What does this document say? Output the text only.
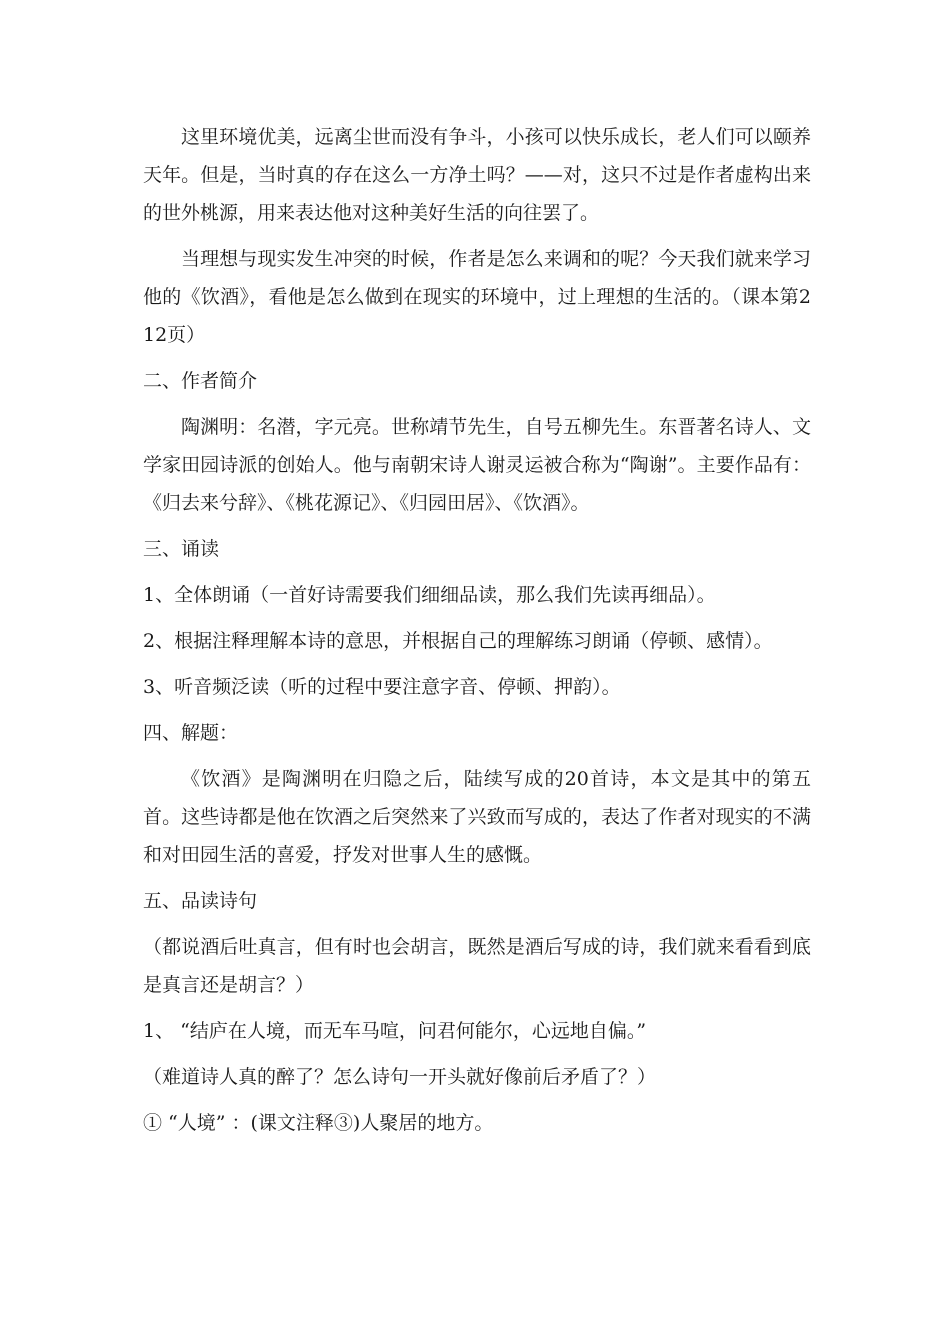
这里环境优美，远离尘世而没有争斗，小孩可以快乐成长，老人们可以颐养天年。但是，当时真的存在这么一方净土吗？——对，这只不过是作者虚构出来的世外桃源，用来表达他对这种美好生活的向往罢了。

当理想与现实发生冲突的时候，作者是怎么来调和的呢？今天我们就来学习他的《饮酒》，看他是怎么做到在现实的环境中，过上理想的生活的。（课本第212页）

二、作者简介

陶渊明：名潜，字元亮。世称靖节先生，自号五柳先生。东晋著名诗人、文学家田园诗派的创始人。他与南朝宋诗人谢灵运被合称为“陶谢”。主要作品有：《归去来兮辞》、《桃花源记》、《归园田居》、《饮酒》。

三、诵读

1、全体朗诵（一首好诗需要我们细细品读，那么我们先读再细品）。

2、根据注释理解本诗的意思，并根据自己的理解练习朗诵（停顿、感情）。

3、听音频泛读（听的过程中要注意字音、停顿、押韵）。

四、解题：

《饮酒》是陶渊明在归隐之后，陆续写成的20首诗，本文是其中的第五首。这些诗都是他在饮酒之后突然来了兴致而写成的，表达了作者对现实的不满和对田园生活的喜爱，抒发对世事人生的感慨。

五、品读诗句

（都说酒后吐真言，但有时也会胡言，既然是酒后写成的诗，我们就来看看到底是真言还是胡言？）

1、 “结庐在人境，而无车马喧，问君何能尔，心远地自偏。”

（难道诗人真的醉了？怎么诗句一开头就好像前后矛盾了？）

① “人境” ：(课文注释③)人聚居的地方。
